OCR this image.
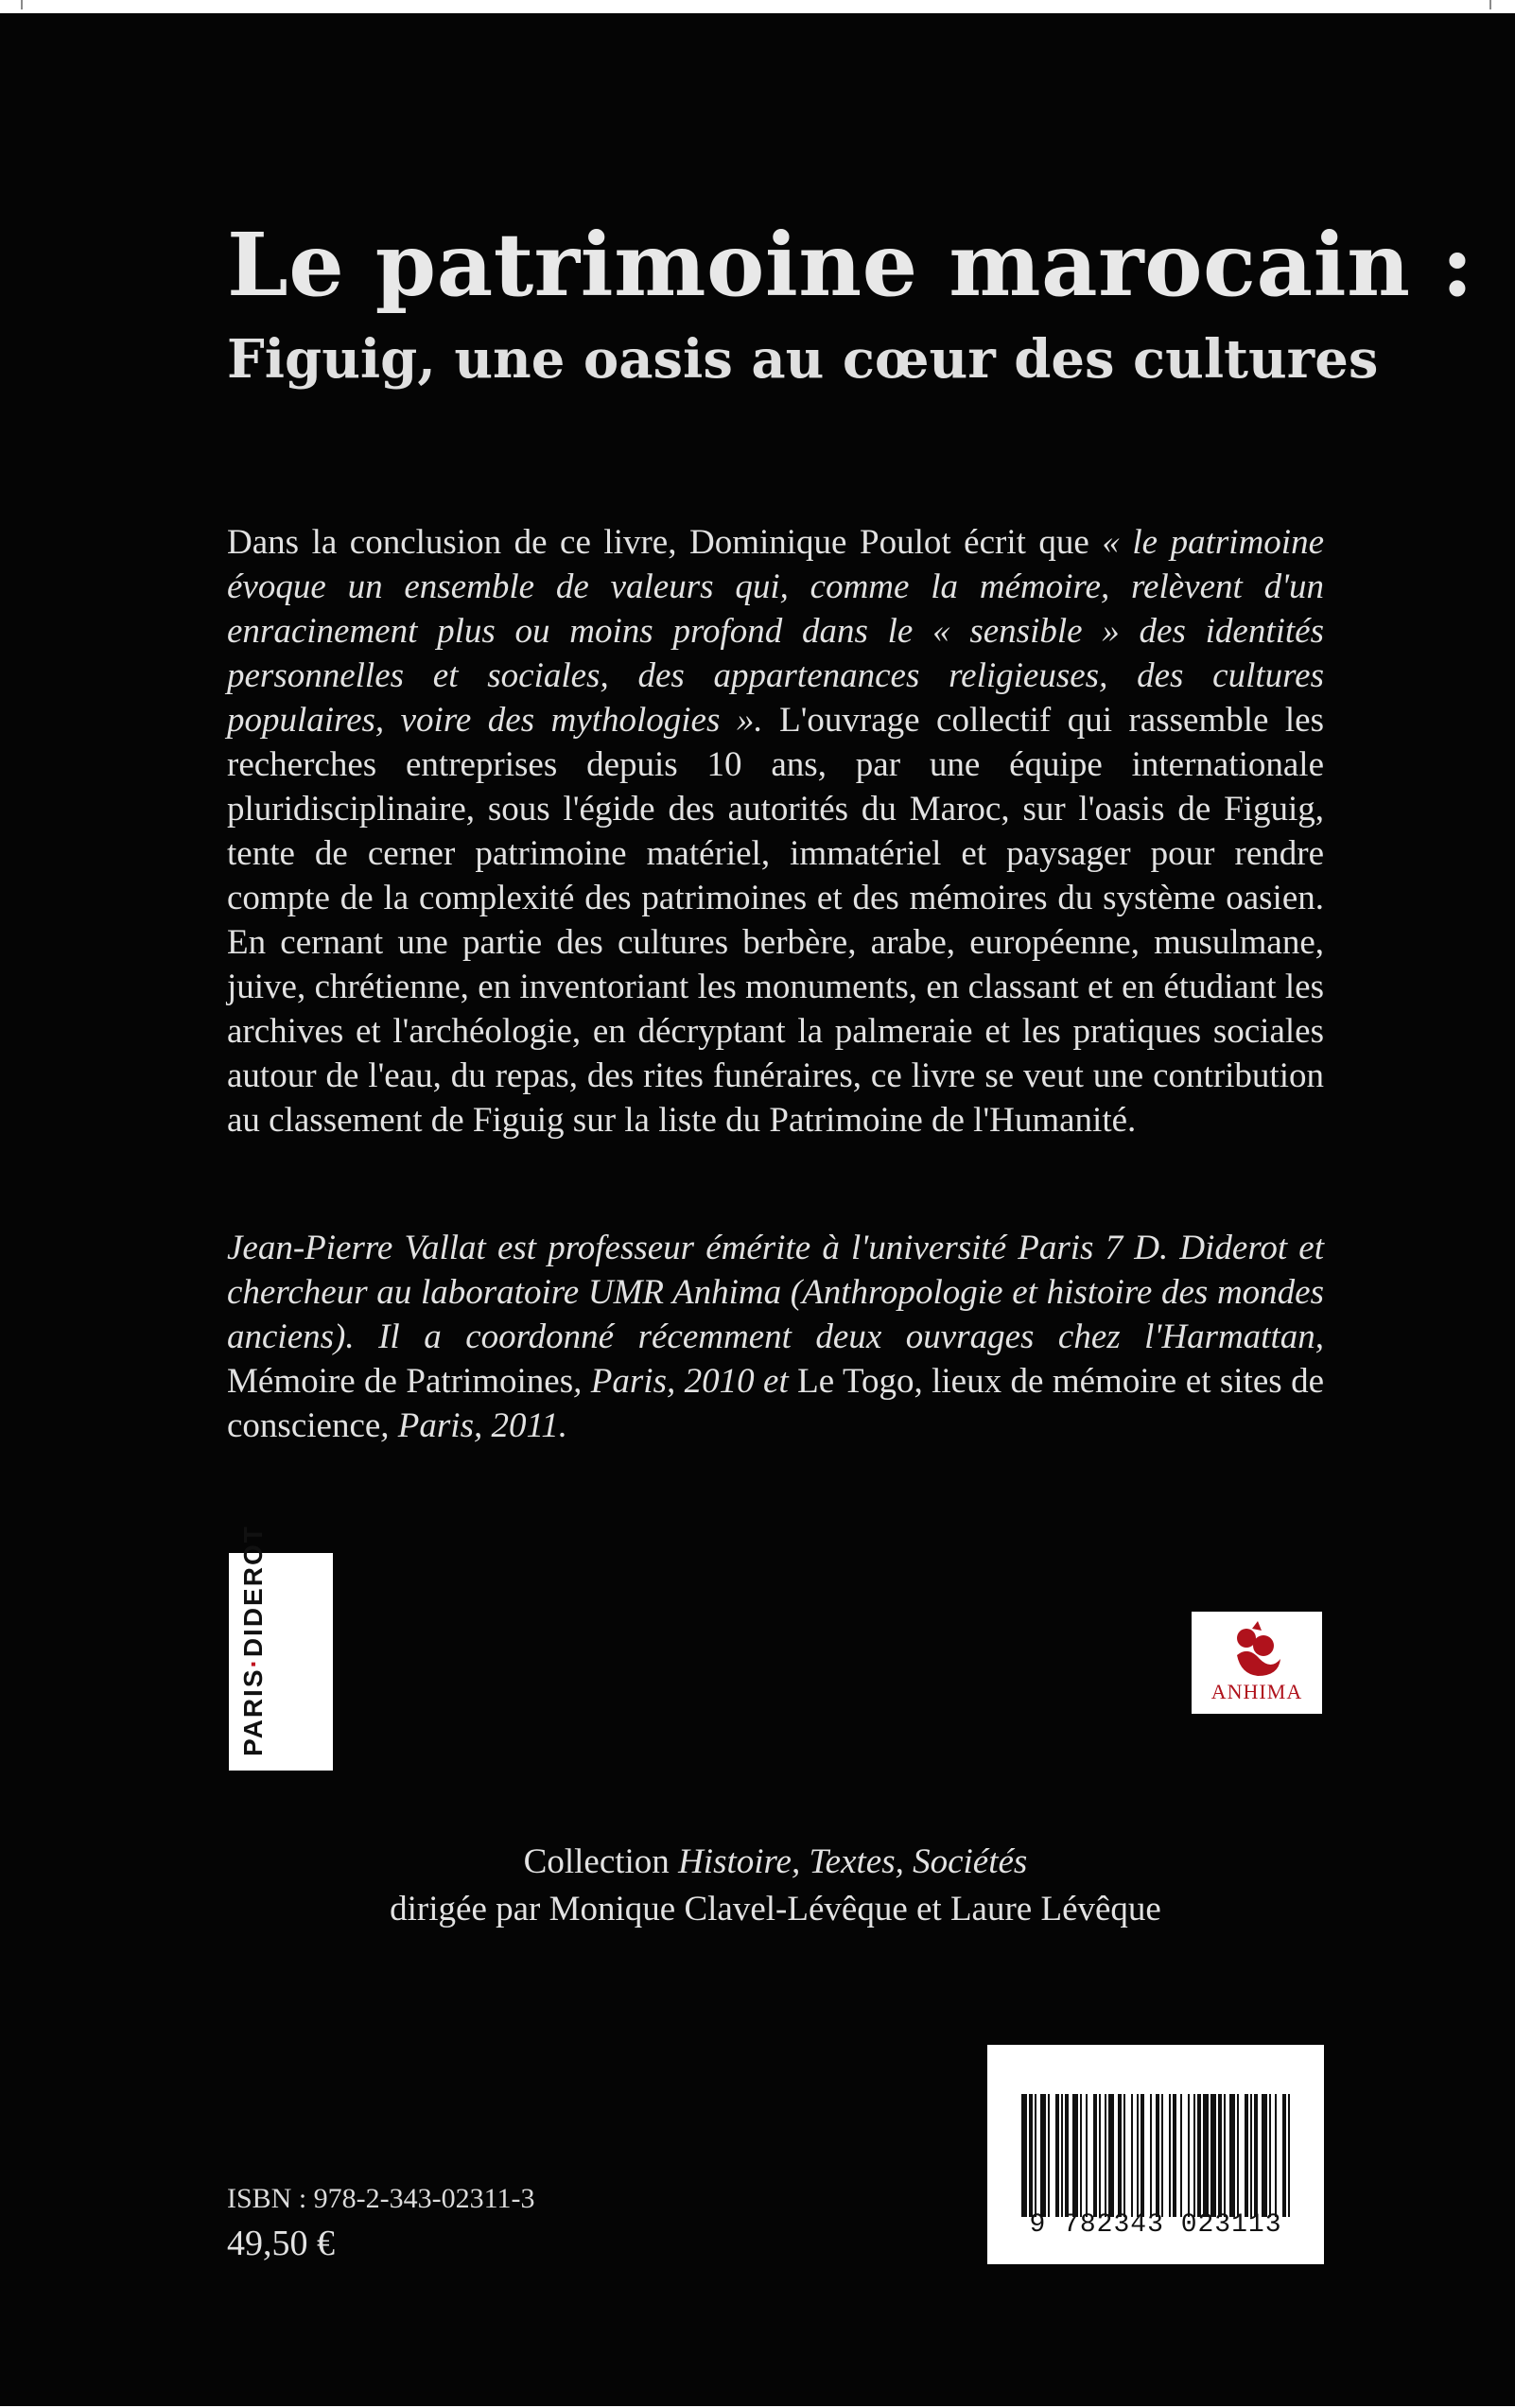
Le patrimoine marocain :
Figuig, une oasis au cœur des cultures
Dans la conclusion de ce livre, Dominique Poulot écrit que « le patrimoine évoque un ensemble de valeurs qui, comme la mémoire, relèvent d'un enracinement plus ou moins profond dans le « sensible » des identités personnelles et sociales, des appartenances religieuses, des cultures populaires, voire des mythologies ». L'ouvrage collectif qui rassemble les recherches entreprises depuis 10 ans, par une équipe internationale pluridisciplinaire, sous l'égide des autorités du Maroc, sur l'oasis de Figuig, tente de cerner patrimoine matériel, immatériel et paysager pour rendre compte de la complexité des patrimoines et des mémoires du système oasien. En cernant une partie des cultures berbère, arabe, européenne, musulmane, juive, chrétienne, en inventoriant les monuments, en classant et en étudiant les archives et l'archéologie, en décryptant la palmeraie et les pratiques sociales autour de l'eau, du repas, des rites funéraires, ce livre se veut une contribution au classement de Figuig sur la liste du Patrimoine de l'Humanité.
Jean-Pierre Vallat est professeur émérite à l'université Paris 7 D. Diderot et chercheur au laboratoire UMR Anhima (Anthropologie et histoire des mondes anciens). Il a coordonné récemment deux ouvrages chez l'Harmattan, Mémoire de Patrimoines, Paris, 2010 et Le Togo, lieux de mémoire et sites de conscience, Paris, 2011.
PARIS·DIDEROT
ANHIMA
Collection Histoire, Textes, Sociétés
dirigée par Monique Clavel-Lévêque et Laure Lévêque
9 782343 023113
ISBN : 978-2-343-02311-3
49,50 €
